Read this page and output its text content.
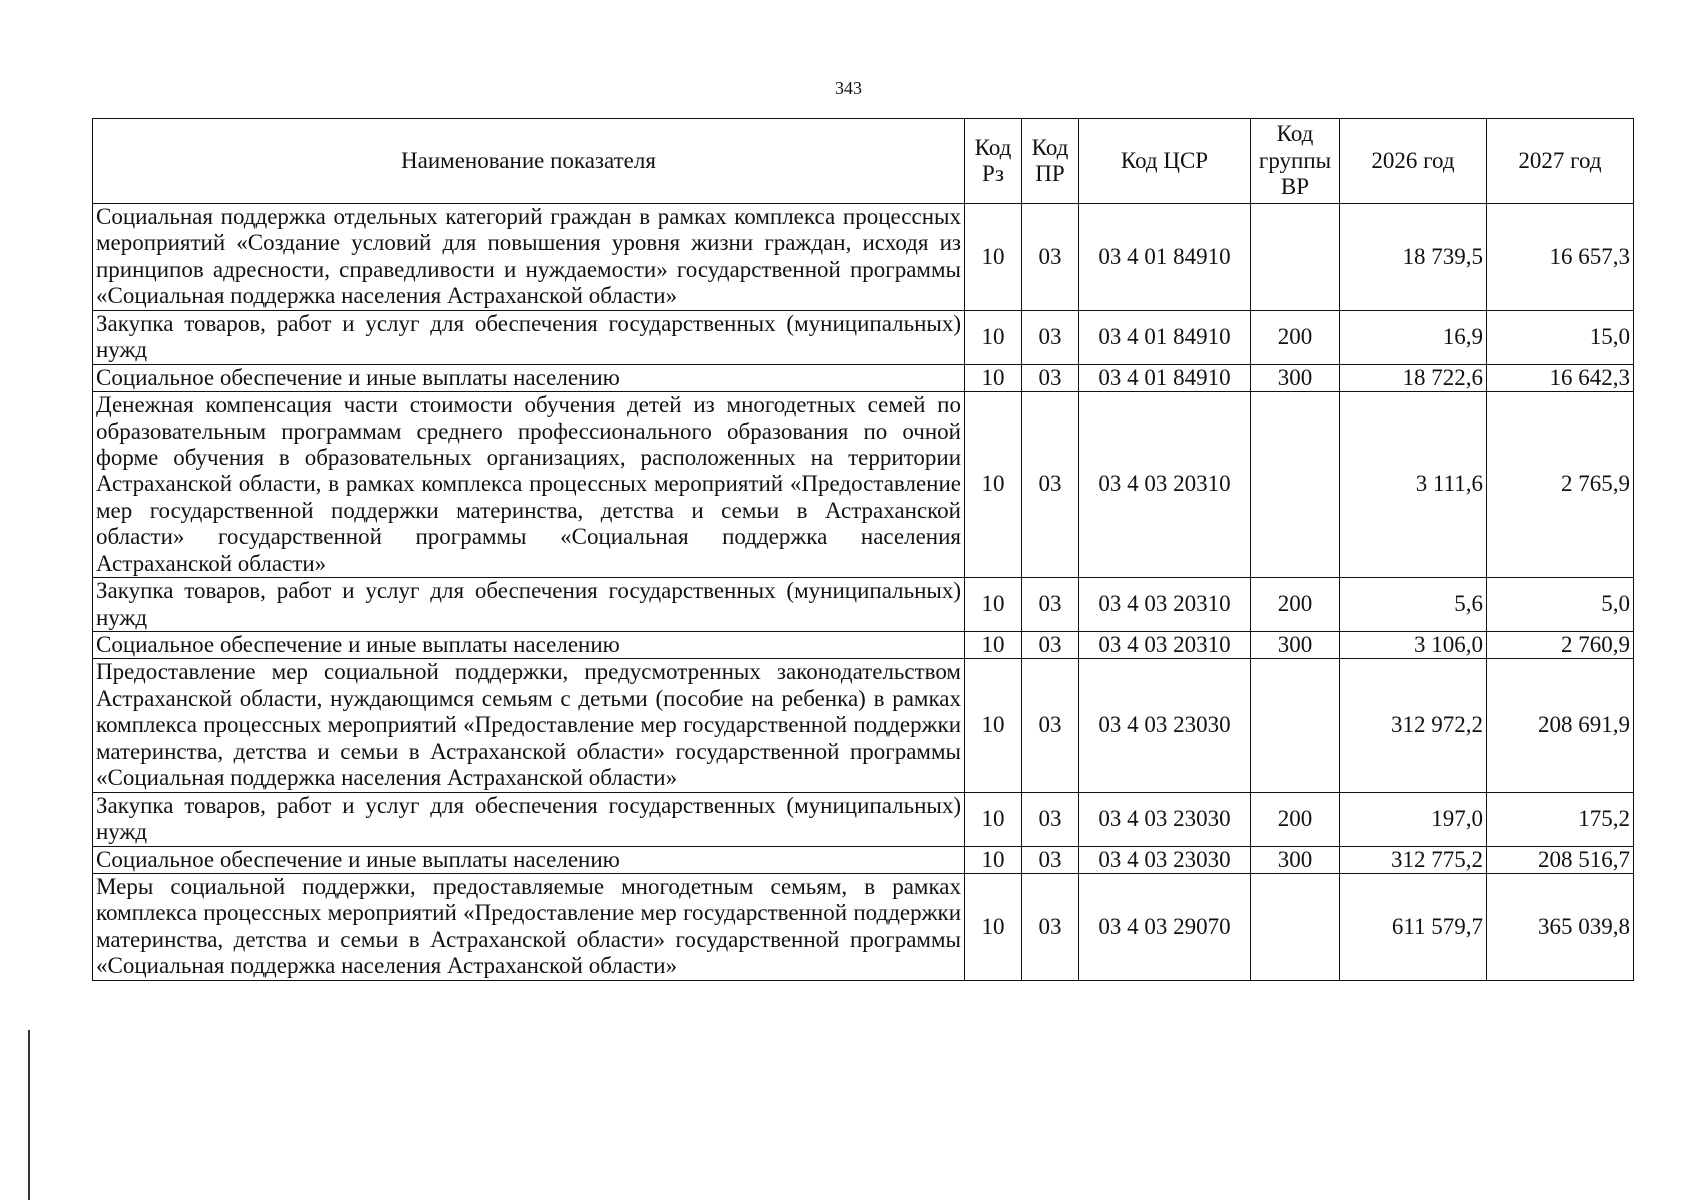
343
Наименование показателя	Код Рз	Код ПР	Код ЦСР	Код группы ВР	2026 год	2027 год
Социальная поддержка отдельных категорий граждан в рамках комплекса процессных мероприятий «Создание условий для повышения уровня жизни граждан, исходя из принципов адресности, справедливости и нуждаемости» государственной программы «Социальная поддержка населения Астраханской области»	10	03	03 4 01 84910		18 739,5	16 657,3
Закупка товаров, работ и услуг для обеспечения государственных (муниципальных) нужд	10	03	03 4 01 84910	200	16,9	15,0
Социальное обеспечение и иные выплаты населению	10	03	03 4 01 84910	300	18 722,6	16 642,3
Денежная компенсация части стоимости обучения детей из многодетных семей по образовательным программам среднего профессионального образования по очной форме обучения в образовательных организациях, расположенных на территории Астраханской области, в рамках комплекса процессных мероприятий «Предоставление мер государственной поддержки материнства, детства и семьи в Астраханской области» государственной программы «Социальная поддержка населения Астраханской области»	10	03	03 4 03 20310		3 111,6	2 765,9
Закупка товаров, работ и услуг для обеспечения государственных (муниципальных) нужд	10	03	03 4 03 20310	200	5,6	5,0
Социальное обеспечение и иные выплаты населению	10	03	03 4 03 20310	300	3 106,0	2 760,9
Предоставление мер социальной поддержки, предусмотренных законодательством Астраханской области, нуждающимся семьям с детьми (пособие на ребенка) в рамках комплекса процессных мероприятий «Предоставление мер государственной поддержки материнства, детства и семьи в Астраханской области» государственной программы «Социальная поддержка населения Астраханской области»	10	03	03 4 03 23030		312 972,2	208 691,9
Закупка товаров, работ и услуг для обеспечения государственных (муниципальных) нужд	10	03	03 4 03 23030	200	197,0	175,2
Социальное обеспечение и иные выплаты населению	10	03	03 4 03 23030	300	312 775,2	208 516,7
Меры социальной поддержки, предоставляемые многодетным семьям, в рамках комплекса процессных мероприятий «Предоставление мер государственной поддержки материнства, детства и семьи в Астраханской области» государственной программы «Социальная поддержка населения Астраханской области»	10	03	03 4 03 29070		611 579,7	365 039,8
